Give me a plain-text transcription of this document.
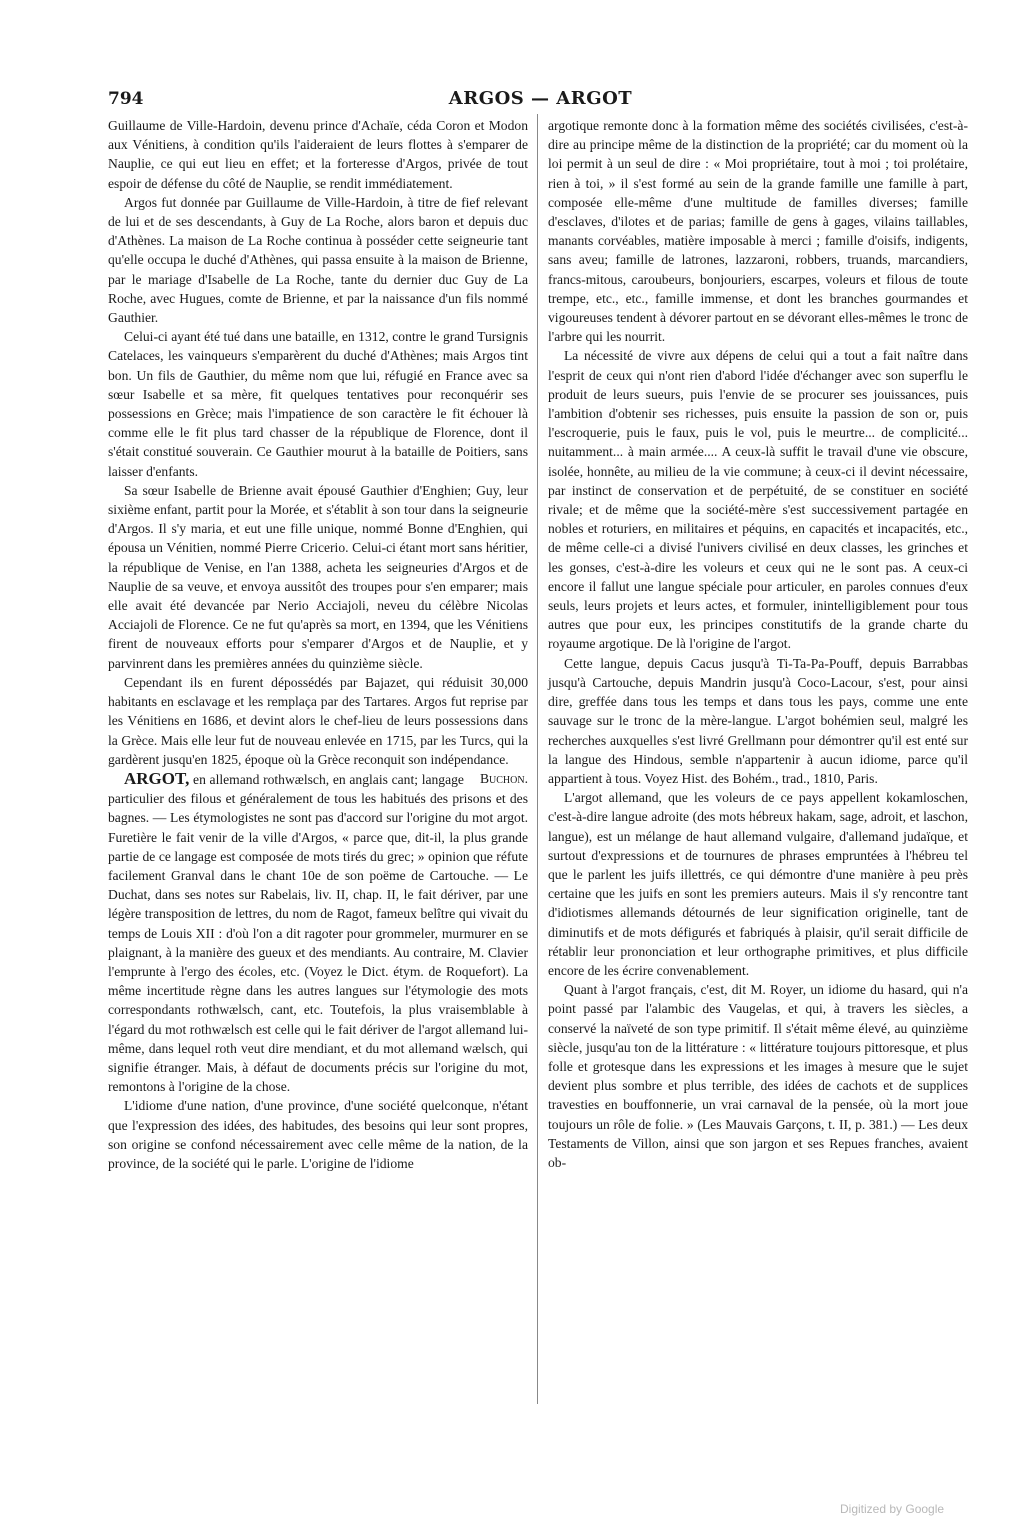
794	ARGOS — ARGOT

Guillaume de Ville-Hardoin, devenu prince d'Achaïe, céda Coron et Modon aux Vénitiens, à condition qu'ils l'aideraient de leurs flottes à s'emparer de Nauplie, ce qui eut lieu en effet; et la forteresse d'Argos, privée de tout espoir de défense du côté de Nauplie, se rendit immédiatement.

Argos fut donnée par Guillaume de Ville-Hardoin, à titre de fief relevant de lui et de ses descendants, à Guy de La Roche, alors baron et depuis duc d'Athènes. La maison de La Roche continua à posséder cette seigneurie tant qu'elle occupa le duché d'Athènes, qui passa ensuite à la maison de Brienne, par le mariage d'Isabelle de La Roche, tante du dernier duc Guy de La Roche, avec Hugues, comte de Brienne, et par la naissance d'un fils nommé Gauthier.

Celui-ci ayant été tué dans une bataille, en 1312, contre le grand Tursignis Catelaces, les vainqueurs s'emparèrent du duché d'Athènes; mais Argos tint bon. Un fils de Gauthier, du même nom que lui, réfugié en France avec sa sœur Isabelle et sa mère, fit quelques tentatives pour reconquérir ses possessions en Grèce; mais l'impatience de son caractère le fit échouer là comme elle le fit plus tard chasser de la république de Florence, dont il s'était constitué souverain. Ce Gauthier mourut à la bataille de Poitiers, sans laisser d'enfants.

Sa sœur Isabelle de Brienne avait épousé Gauthier d'Enghien; Guy, leur sixième enfant, partit pour la Morée, et s'établit à son tour dans la seigneurie d'Argos. Il s'y maria, et eut une fille unique, nommé Bonne d'Enghien, qui épousa un Vénitien, nommé Pierre Cricerio. Celui-ci étant mort sans héritier, la république de Venise, en l'an 1388, acheta les seigneuries d'Argos et de Nauplie de sa veuve, et envoya aussitôt des troupes pour s'en emparer; mais elle avait été devancée par Nerio Acciajoli, neveu du célèbre Nicolas Acciajoli de Florence. Ce ne fut qu'après sa mort, en 1394, que les Vénitiens firent de nouveaux efforts pour s'emparer d'Argos et de Nauplie, et y parvinrent dans les premières années du quinzième siècle.

Cependant ils en furent dépossédés par Bajazet, qui réduisit 30,000 habitants en esclavage et les remplaça par des Tartares. Argos fut reprise par les Vénitiens en 1686, et devint alors le chef-lieu de leurs possessions dans la Grèce. Mais elle leur fut de nouveau enlevée en 1715, par les Turcs, qui la gardèrent jusqu'en 1825, époque où la Grèce reconquit son indépendance.
Buchon.

ARGOT, en allemand rothwælsch, en anglais cant; langage particulier des filous et généralement de tous les habitués des prisons et des bagnes. — Les étymologistes ne sont pas d'accord sur l'origine du mot argot. Furetière le fait venir de la ville d'Argos, « parce que, dit-il, la plus grande partie de ce langage est composée de mots tirés du grec; » opinion que réfute facilement Granval dans le chant 10e de son poëme de Cartouche. — Le Duchat, dans ses notes sur Rabelais, liv. II, chap. II, le fait dériver, par une légère transposition de lettres, du nom de Ragot, fameux belître qui vivait du temps de Louis XII : d'où l'on a dit ragoter pour grommeler, murmurer en se plaignant, à la manière des gueux et des mendiants. Au contraire, M. Clavier l'emprunte à l'ergo des écoles, etc. (Voyez le Dict. étym. de Roquefort). La même incertitude règne dans les autres langues sur l'étymologie des mots correspondants rothwælsch, cant, etc. Toutefois, la plus vraisemblable à l'égard du mot rothwælsch est celle qui le fait dériver de l'argot allemand lui-même, dans lequel roth veut dire mendiant, et du mot allemand wælsch, qui signifie étranger. Mais, à défaut de documents précis sur l'origine du mot, remontons à l'origine de la chose.

L'idiome d'une nation, d'une province, d'une société quelconque, n'étant que l'expression des idées, des habitudes, des besoins qui leur sont propres, son origine se confond nécessairement avec celle même de la nation, de la province, de la société qui le parle. L'origine de l'idiome

argotique remonte donc à la formation même des sociétés civilisées, c'est-à-dire au principe même de la distinction de la propriété; car du moment où la loi permit à un seul de dire : « Moi propriétaire, tout à moi ; toi prolétaire, rien à toi, » il s'est formé au sein de la grande famille une famille à part, composée elle-même d'une multitude de familles diverses; famille d'esclaves, d'ilotes et de parias; famille de gens à gages, vilains taillables, manants corvéables, matière imposable à merci ; famille d'oisifs, indigents, sans aveu; famille de latrones, lazzaroni, robbers, truands, marcandiers, francs-mitous, caroubeurs, bonjouriers, escarpes, voleurs et filous de toute trempe, etc., etc., famille immense, et dont les branches gourmandes et vigoureuses tendent à dévorer partout en se dévorant elles-mêmes le tronc de l'arbre qui les nourrit.

La nécessité de vivre aux dépens de celui qui a tout a fait naître dans l'esprit de ceux qui n'ont rien d'abord l'idée d'échanger avec son superflu le produit de leurs sueurs, puis l'envie de se procurer ses jouissances, puis l'ambition d'obtenir ses richesses, puis ensuite la passion de son or, puis l'escroquerie, puis le faux, puis le vol, puis le meurtre... de complicité... nuitamment... à main armée.... A ceux-là suffit le travail d'une vie obscure, isolée, honnête, au milieu de la vie commune; à ceux-ci il devint nécessaire, par instinct de conservation et de perpétuité, de se constituer en société rivale; et de même que la société-mère s'est successivement partagée en nobles et roturiers, en militaires et péquins, en capacités et incapacités, etc., de même celle-ci a divisé l'univers civilisé en deux classes, les grinches et les gonses, c'est-à-dire les voleurs et ceux qui ne le sont pas. A ceux-ci encore il fallut une langue spéciale pour articuler, en paroles connues d'eux seuls, leurs projets et leurs actes, et formuler, inintelligiblement pour tous autres que pour eux, les principes constitutifs de la grande charte du royaume argotique. De là l'origine de l'argot.

Cette langue, depuis Cacus jusqu'à Ti-Ta-Pa-Pouff, depuis Barrabbas jusqu'à Cartouche, depuis Mandrin jusqu'à Coco-Lacour, s'est, pour ainsi dire, greffée dans tous les temps et dans tous les pays, comme une ente sauvage sur le tronc de la mère-langue. L'argot bohémien seul, malgré les recherches auxquelles s'est livré Grellmann pour démontrer qu'il est enté sur la langue des Hindous, semble n'appartenir à aucun idiome, parce qu'il appartient à tous. Voyez Hist. des Bohém., trad., 1810, Paris.

L'argot allemand, que les voleurs de ce pays appellent kokamloschen, c'est-à-dire langue adroite (des mots hébreux hakam, sage, adroit, et laschon, langue), est un mélange de haut allemand vulgaire, d'allemand judaïque, et surtout d'expressions et de tournures de phrases empruntées à l'hébreu tel que le parlent les juifs illettrés, ce qui démontre d'une manière à peu près certaine que les juifs en sont les premiers auteurs. Mais il s'y rencontre tant d'idiotismes allemands détournés de leur signification originelle, tant de diminutifs et de mots défigurés et fabriqués à plaisir, qu'il serait difficile de rétablir leur prononciation et leur orthographe primitives, et plus difficile encore de les écrire convenablement.

Quant à l'argot français, c'est, dit M. Royer, un idiome du hasard, qui n'a point passé par l'alambic des Vaugelas, et qui, à travers les siècles, a conservé la naïveté de son type primitif. Il s'était même élevé, au quinzième siècle, jusqu'au ton de la littérature : « littérature toujours pittoresque, et plus folle et grotesque dans les expressions et les images à mesure que le sujet devient plus sombre et plus terrible, des idées de cachots et de supplices travesties en bouffonnerie, un vrai carnaval de la pensée, où la mort joue toujours un rôle de folie. » (Les Mauvais Garçons, t. II, p. 381.) — Les deux Testaments de Villon, ainsi que son jargon et ses Repues franches, avaient ob-

Digitized by Google
